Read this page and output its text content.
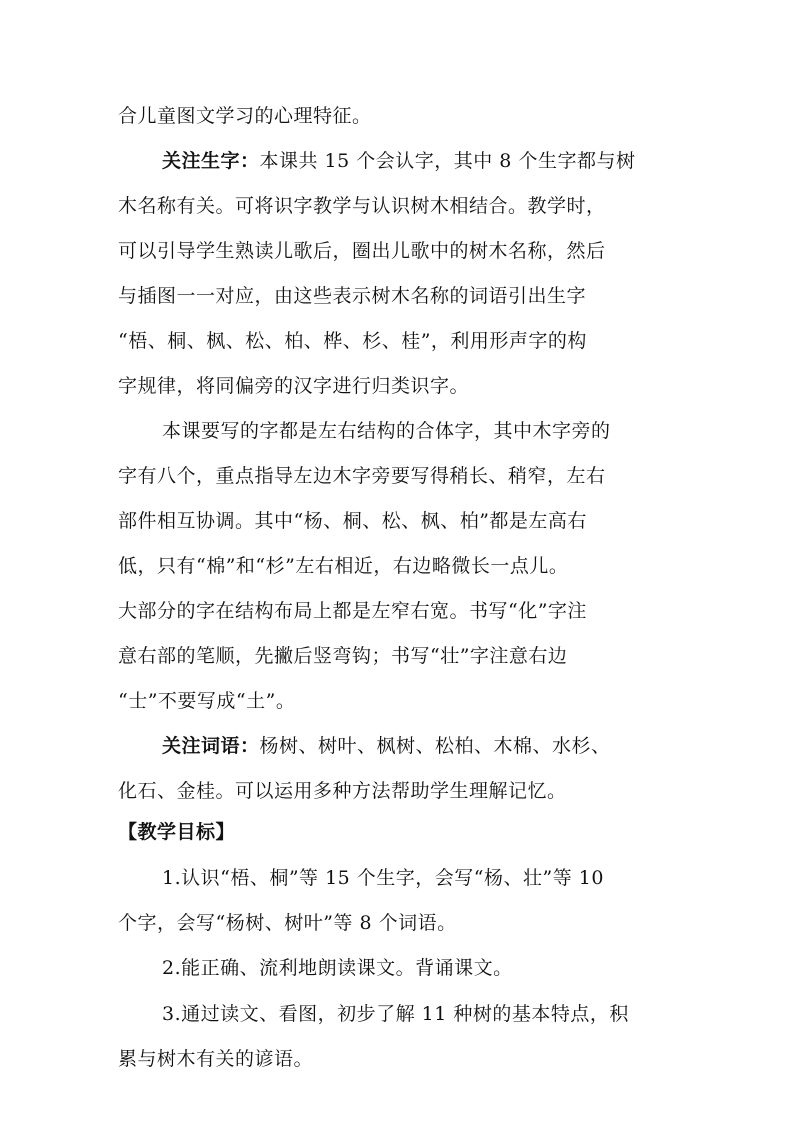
合儿童图文学习的心理特征。
关注生字：本课共 15 个会认字，其中 8 个生字都与树
木名称有关。可将识字教学与认识树木相结合。教学时，
可以引导学生熟读儿歌后，圈出儿歌中的树木名称，然后
与插图一一对应，由这些表示树木名称的词语引出生字
“梧、桐、枫、松、柏、桦、杉、桂”，利用形声字的构
字规律，将同偏旁的汉字进行归类识字。
本课要写的字都是左右结构的合体字，其中木字旁的
字有八个，重点指导左边木字旁要写得稍长、稍窄，左右
部件相互协调。其中“杨、桐、松、枫、柏”都是左高右
低，只有“棉”和“杉”左右相近，右边略微长一点儿。
大部分的字在结构布局上都是左窄右宽。书写“化”字注
意右部的笔顺，先撇后竖弯钩；书写“壮”字注意右边
“士”不要写成“土”。
关注词语：杨树、树叶、枫树、松柏、木棉、水杉、
化石、金桂。可以运用多种方法帮助学生理解记忆。
【教学目标】
1.认识“梧、桐”等 15 个生字，会写“杨、壮”等 10
个字，会写“杨树、树叶”等 8 个词语。
2.能正确、流利地朗读课文。背诵课文。
3.通过读文、看图，初步了解 11 种树的基本特点，积
累与树木有关的谚语。
